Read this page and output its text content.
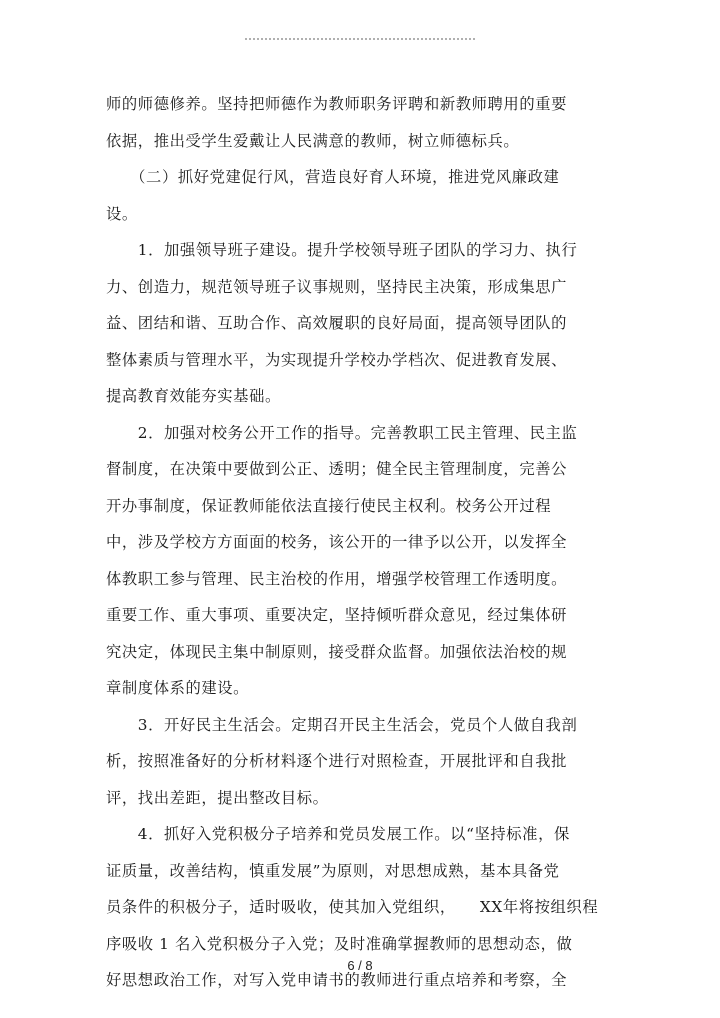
师的师德修养。坚持把师德作为教师职务评聘和新教师聘用的重要
依据，推出受学生爱戴让人民满意的教师，树立师德标兵。
　　（二）抓好党建促行风，营造良好育人环境，推进党风廉政建
设。
　　1．加强领导班子建设。提升学校领导班子团队的学习力、执行
力、创造力，规范领导班子议事规则，坚持民主决策，形成集思广
益、团结和谐、互助合作、高效履职的良好局面，提高领导团队的
整体素质与管理水平，为实现提升学校办学档次、促进教育发展、
提高教育效能夯实基础。
　　2．加强对校务公开工作的指导。完善教职工民主管理、民主监
督制度，在决策中要做到公正、透明；健全民主管理制度，完善公
开办事制度，保证教师能依法直接行使民主权利。校务公开过程
中，涉及学校方方面面的校务，该公开的一律予以公开，以发挥全
体教职工参与管理、民主治校的作用，增强学校管理工作透明度。
重要工作、重大事项、重要决定，坚持倾听群众意见，经过集体研
究决定，体现民主集中制原则，接受群众监督。加强依法治校的规
章制度体系的建设。
　　3．开好民主生活会。定期召开民主生活会，党员个人做自我剖
析，按照准备好的分析材料逐个进行对照检查，开展批评和自我批
评，找出差距，提出整改目标。
　　4．抓好入党积极分子培养和党员发展工作。以“坚持标准，保
证质量，改善结构，慎重发展”为原则，对思想成熟，基本具备党
员条件的积极分子，适时吸收，使其加入党组织，　　XX年将按组织程
序吸收 1 名入党积极分子入党；及时准确掌握教师的思想动态，做
好思想政治工作，对写入党申请书的教师进行重点培养和考察，全
6 / 8
